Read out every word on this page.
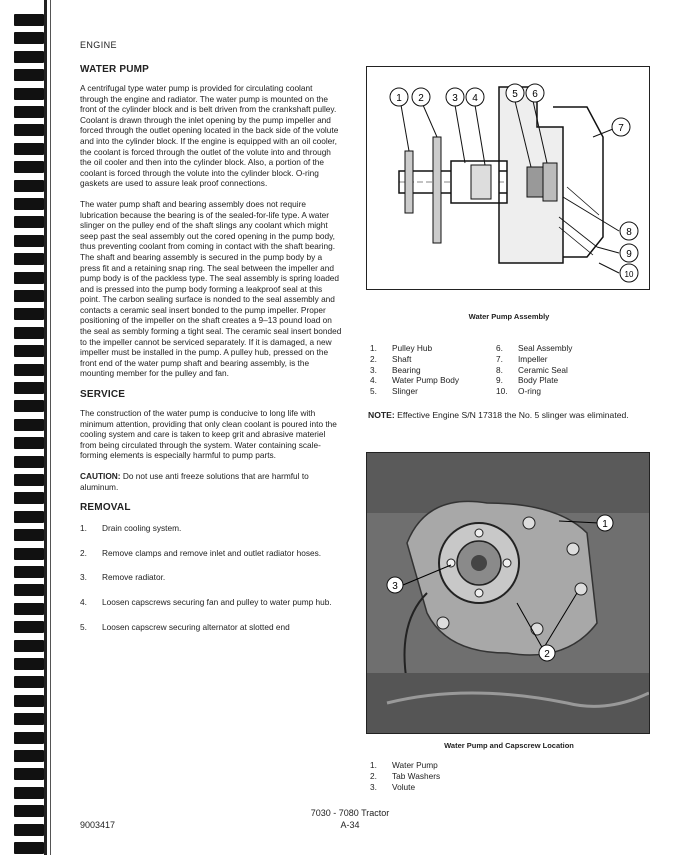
ENGINE
WATER PUMP

A centrifugal type water pump is provided for circulating coolant through the engine and radiator. The water pump is mounted on the front of the cylinder block and is belt driven from the crankshaft pulley. Coolant is drawn through the inlet opening by the pump impeller and forced through the outlet opening located in the back side of the volute and into the cylinder block. If the engine is equipped with an oil cooler, the coolant is forced through the outlet of the volute into and through the oil cooler and then into the cylinder block. Also, a portion of the coolant is forced through the volute into the cylinder block. O-ring gaskets are used to assure leak proof connections.

The water pump shaft and bearing assembly does not require lubrication because the bearing is of the sealed-for-life type. A water slinger on the pulley end of the shaft slings any coolant which might seep past the seal assembly out the cored opening in the pump body, thus preventing coolant from coming in contact with the shaft bearing. The shaft and bearing assembly is secured in the pump body by a press fit and a retaining snap ring. The seal between the impeller and pump body is of the packless type. The seal assembly is spring loaded and is pressed into the pump body forming a leakproof seal at this point. The carbon sealing surface is nonded to the seal assembly and contacts a ceramic seal insert bonded to the pump impeller. Proper positioning of the impeller on the shaft creates a 9–13 pound load on the seal as sembly forming a tight seal. The ceramic seal insert bonded to the impeller cannot be serviced separately. If it is damaged, a new impeller must be installed in the pump. A pulley hub, pressed on the front end of the water pump shaft and bearing assembly, is the mounting member for the pulley and fan.

SERVICE

The construction of the water pump is conducive to long life with minimum attention, providing that only clean coolant is poured into the cooling system and care is taken to keep grit and abrasive materiel from being circulated through the system. Water containing scale-forming elements is especially harmful to pump parts.

CAUTION: Do not use anti freeze solutions that are harmful to aluminum.

REMOVAL
1.	Drain cooling system.
2.	Remove clamps and remove inlet and outlet radiator hoses.
3.	Remove radiator.
4.	Loosen capscrews securing fan and pulley to water pump hub.
5.	Loosen capscrew securing alternator at slotted end
1 2	3 4	5 6
7
8
9
10
Water Pump Assembly
1.	Pulley Hub
2.	Shaft
3.	Bearing
4.	Water Pump Body
5.	Slinger
6.	Seal Assembly
7.	Impeller
8.	Ceramic Seal
9.	Body Plate
10.	O-ring

NOTE: Effective Engine S/N 17318 the No. 5 slinger was eliminated.

1
2
3
Water Pump and Capscrew Location
1.	Water Pump
2.	Tab Washers
3.	Volute
9003417
7030 - 7080 Tractor
A-34
